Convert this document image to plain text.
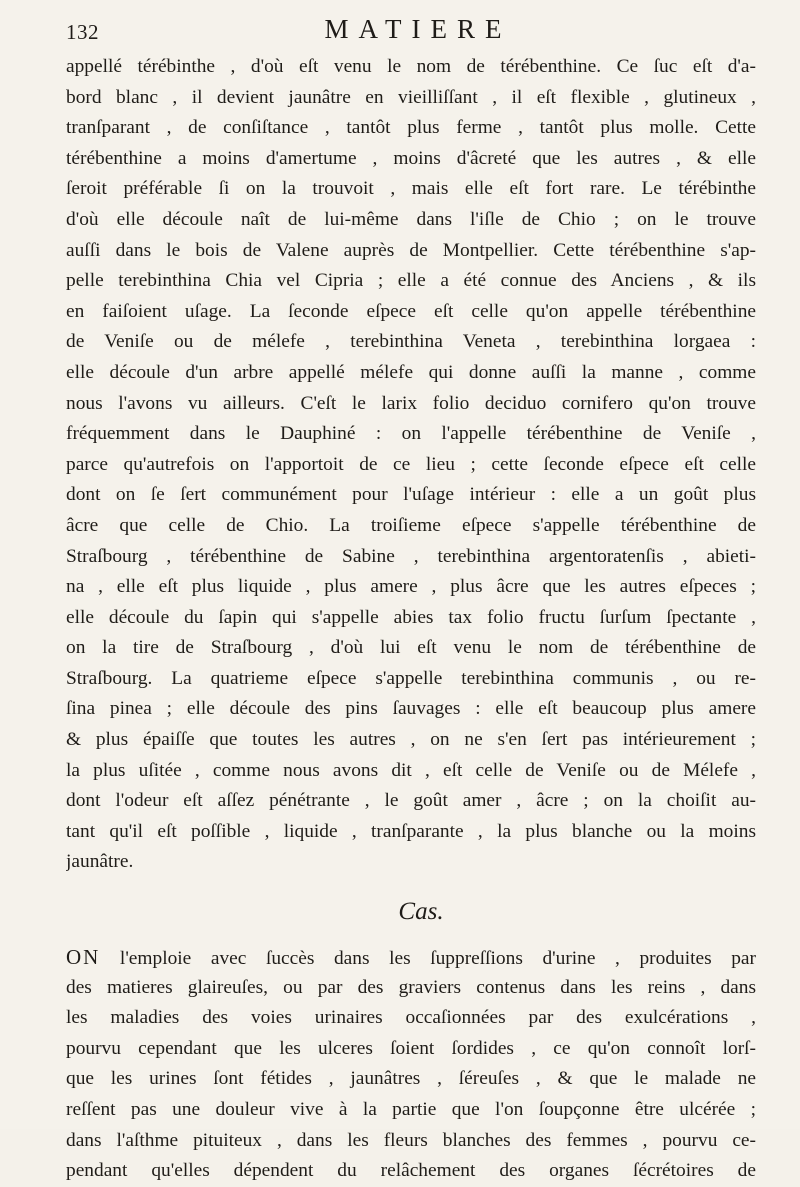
132	MATIERE
appellé térébinthe , d'où eſt venu le nom de térébenthine. Ce ſuc eſt d'a-
bord blanc , il devient jaunâtre en vieilliſſant , il eſt flexible , glutineux ,
tranſparant , de conſiſtance , tantôt plus ferme , tantôt plus molle. Cette
térébenthine a moins d'amertume , moins d'âcreté que les autres , & elle
ſeroit préférable ſi on la trouvoit , mais elle eſt fort rare. Le térébinthe
d'où elle découle naît de lui-même dans l'iſle de Chio ; on le trouve
auſſi dans le bois de Valene auprès de Montpellier. Cette térébenthine s'ap-
pelle terebinthina Chia vel Cipria ; elle a été connue des Anciens , & ils
en faiſoient uſage. La ſeconde eſpece eſt celle qu'on appelle térébenthine
de Veniſe ou de mélefe , terebinthina Veneta , terebinthina lorgaea :
elle découle d'un arbre appellé mélefe qui donne auſſi la manne , comme
nous l'avons vu ailleurs. C'eſt le larix folio deciduo cornifero qu'on trouve
fréquemment dans le Dauphiné : on l'appelle térébenthine de Veniſe ,
parce qu'autrefois on l'apportoit de ce lieu ; cette ſeconde eſpece eſt celle
dont on ſe ſert communément pour l'uſage intérieur : elle a un goût plus
âcre que celle de Chio. La troiſieme eſpece s'appelle térébenthine de
Straſbourg , térébenthine de Sabine , terebinthina argentoratenſis , abieti-
na , elle eſt plus liquide , plus amere , plus âcre que les autres eſpeces ;
elle découle du ſapin qui s'appelle abies tax folio fructu ſurſum ſpectante ,
on la tire de Straſbourg , d'où lui eſt venu le nom de térébenthine de
Straſbourg. La quatrieme eſpece s'appelle terebinthina communis , ou re-
ſina pinea ; elle découle des pins ſauvages : elle eſt beaucoup plus amere
& plus épaiſſe que toutes les autres , on ne s'en ſert pas intérieurement ;
la plus uſitée , comme nous avons dit , eſt celle de Veniſe ou de Mélefe ,
dont l'odeur eſt aſſez pénétrante , le goût amer , âcre ; on la choiſit au-
tant qu'il eſt poſſible , liquide , tranſparante , la plus blanche ou la moins
jaunâtre.
Cas.
ON l'emploie avec ſuccès dans les ſuppreſſions d'urine , produites par
des matieres glaireuſes, ou par des graviers contenus dans les reins , dans
les maladies des voies urinaires occaſionnées par des exulcérations ,
pourvu cependant que les ulceres ſoient ſordides , ce qu'on connoît lorſ-
que les urines ſont fétides , jaunâtres , ſéreuſes , & que le malade ne
reſſent pas une douleur vive à la partie que l'on ſoupçonne être ulcérée ;
dans l'aſthme pituiteux , dans les fleurs blanches des femmes , pourvu ce-
pendant qu'elles dépendent du relâchement des organes ſécrétoires de
